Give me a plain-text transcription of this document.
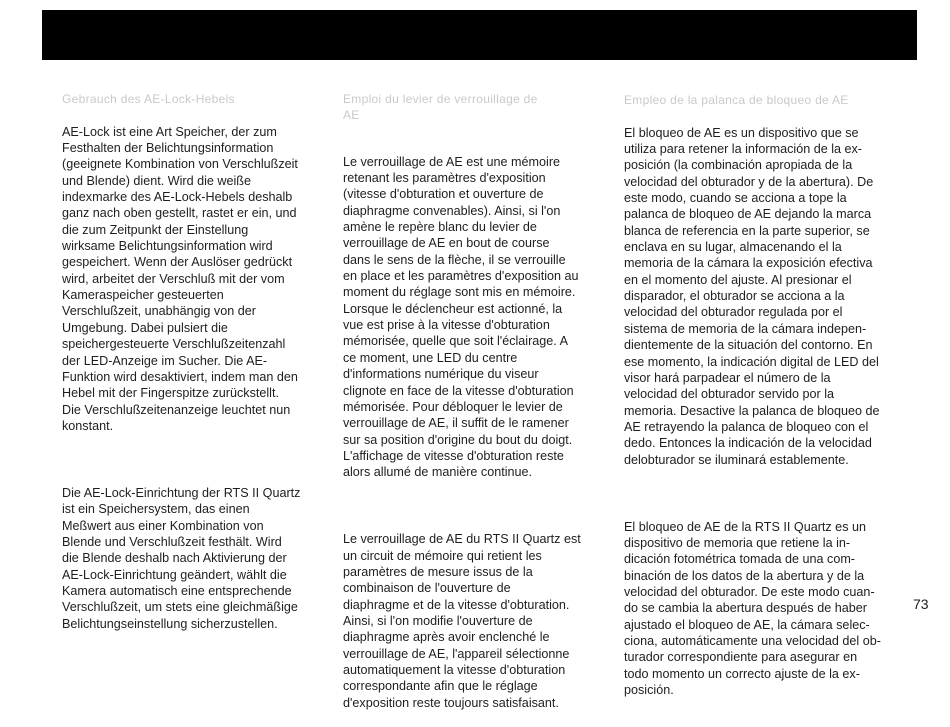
Gebrauch des AE-Lock-Hebels

AE-Lock ist eine Art Speicher, der zum
Festhalten der Belichtungsinformation
(geeignete Kombination von Verschlußzeit
und Blende) dient. Wird die weiße
indexmarke des AE-Lock-Hebels deshalb
ganz nach oben gestellt, rastet er ein, und
die zum Zeitpunkt der Einstellung
wirksame Belichtungsinformation wird
gespeichert. Wenn der Auslöser gedrückt
wird, arbeitet der Verschluß mit der vom
Kameraspeicher gesteuerten
Verschlußzeit, unabhängig von der
Umgebung. Dabei pulsiert die
speichergesteuerte Verschlußzeitenzahl
der LED-Anzeige im Sucher. Die AE-
Funktion wird desaktiviert, indem man den
Hebel mit der Fingerspitze zurückstellt.
Die Verschlußzeitenanzeige leuchtet nun
konstant.

Die AE-Lock-Einrichtung der RTS II Quartz
ist ein Speichersystem, das einen
Meßwert aus einer Kombination von
Blende und Verschlußzeit festhält. Wird
die Blende deshalb nach Aktivierung der
AE-Lock-Einrichtung geändert, wählt die
Kamera automatisch eine entsprechende
Verschlußzeit, um stets eine gleichmäßige
Belichtungseinstellung sicherzustellen.

Emploi du levier de verrouillage de
AE

Le verrouillage de AE est une mémoire
retenant les paramètres d'exposition
(vitesse d'obturation et ouverture de
diaphragme convenables). Ainsi, si l'on
amène le repère blanc du levier de
verrouillage de AE en bout de course
dans le sens de la flèche, il se verrouille
en place et les paramètres d'exposition au
moment du réglage sont mis en mémoire.
Lorsque le déclencheur est actionné, la
vue est prise à la vitesse d'obturation
mémorisée, quelle que soit l'éclairage. A
ce moment, une LED du centre
d'informations numérique du viseur
clignote en face de la vitesse d'obturation
mémorisée. Pour débloquer le levier de
verrouillage de AE, il suffit de le ramener
sur sa position d'origine du bout du doigt.
L'affichage de vitesse d'obturation reste
alors allumé de manière continue.

Le verrouillage de AE du RTS II Quartz est
un circuit de mémoire qui retient les
paramètres de mesure issus de la
combinaison de l'ouverture de
diaphragme et de la vitesse d'obturation.
Ainsi, si l'on modifie l'ouverture de
diaphragme après avoir enclenché le
verrouillage de AE, l'appareil sélectionne
automatiquement la vitesse d'obturation
correspondante afin que le réglage
d'exposition reste toujours satisfaisant.

Empleo de la palanca de bloqueo de AE

El bloqueo de AE es un dispositivo que se
utiliza para retener la información de la ex-
posición (la combinación apropiada de la
velocidad del obturador y de la abertura). De
este modo, cuando se acciona a tope la
palanca de bloqueo de AE dejando la marca
blanca de referencia en la parte superior, se
enclava en su lugar, almacenando el la
memoria de la cámara la exposición efectiva
en el momento del ajuste. Al presionar el
disparador, el obturador se acciona a la
velocidad del obturador regulada por el
sistema de memoria de la cámara indepen-
dientemente de la situación del contorno. En
ese momento, la indicación digital de LED del
visor hará parpadear el número de la
velocidad del obturador servido por la
memoria. Desactive la palanca de bloqueo de
AE retrayendo la palanca de bloqueo con el
dedo. Entonces la indicación de la velocidad
delobturador se iluminará establemente.

El bloqueo de AE de la RTS II Quartz es un
dispositivo de memoria que retiene la in-
dicación fotométrica tomada de una com-
binación de los datos de la abertura y de la
velocidad del obturador. De este modo cuan-
do se cambia la abertura después de haber
ajustado el bloqueo de AE, la cámara selec-
ciona, automáticamente una velocidad del ob-
turador correspondiente para asegurar en
todo momento un correcto ajuste de la ex-
posición.

73
